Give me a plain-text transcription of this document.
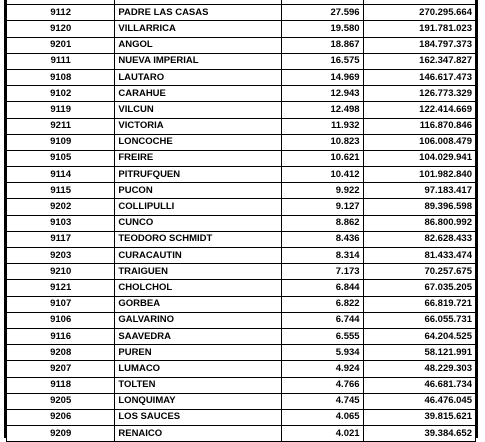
9112	PADRE LAS CASAS	27.596	270.295.664
9120	VILLARRICA	19.580	191.781.023
9201	ANGOL	18.867	184.797.373
9111	NUEVA IMPERIAL	16.575	162.347.827
9108	LAUTARO	14.969	146.617.473
9102	CARAHUE	12.943	126.773.329
9119	VILCUN	12.498	122.414.669
9211	VICTORIA	11.932	116.870.846
9109	LONCOCHE	10.823	106.008.479
9105	FREIRE	10.621	104.029.941
9114	PITRUFQUEN	10.412	101.982.840
9115	PUCON	9.922	97.183.417
9202	COLLIPULLI	9.127	89.396.598
9103	CUNCO	8.862	86.800.992
9117	TEODORO SCHMIDT	8.436	82.628.433
9203	CURACAUTIN	8.314	81.433.474
9210	TRAIGUEN	7.173	70.257.675
9121	CHOLCHOL	6.844	67.035.205
9107	GORBEA	6.822	66.819.721
9106	GALVARINO	6.744	66.055.731
9116	SAAVEDRA	6.555	64.204.525
9208	PUREN	5.934	58.121.991
9207	LUMACO	4.924	48.229.303
9118	TOLTEN	4.766	46.681.734
9205	LONQUIMAY	4.745	46.476.045
9206	LOS SAUCES	4.065	39.815.621
9209	RENAICO	4.021	39.384.652
